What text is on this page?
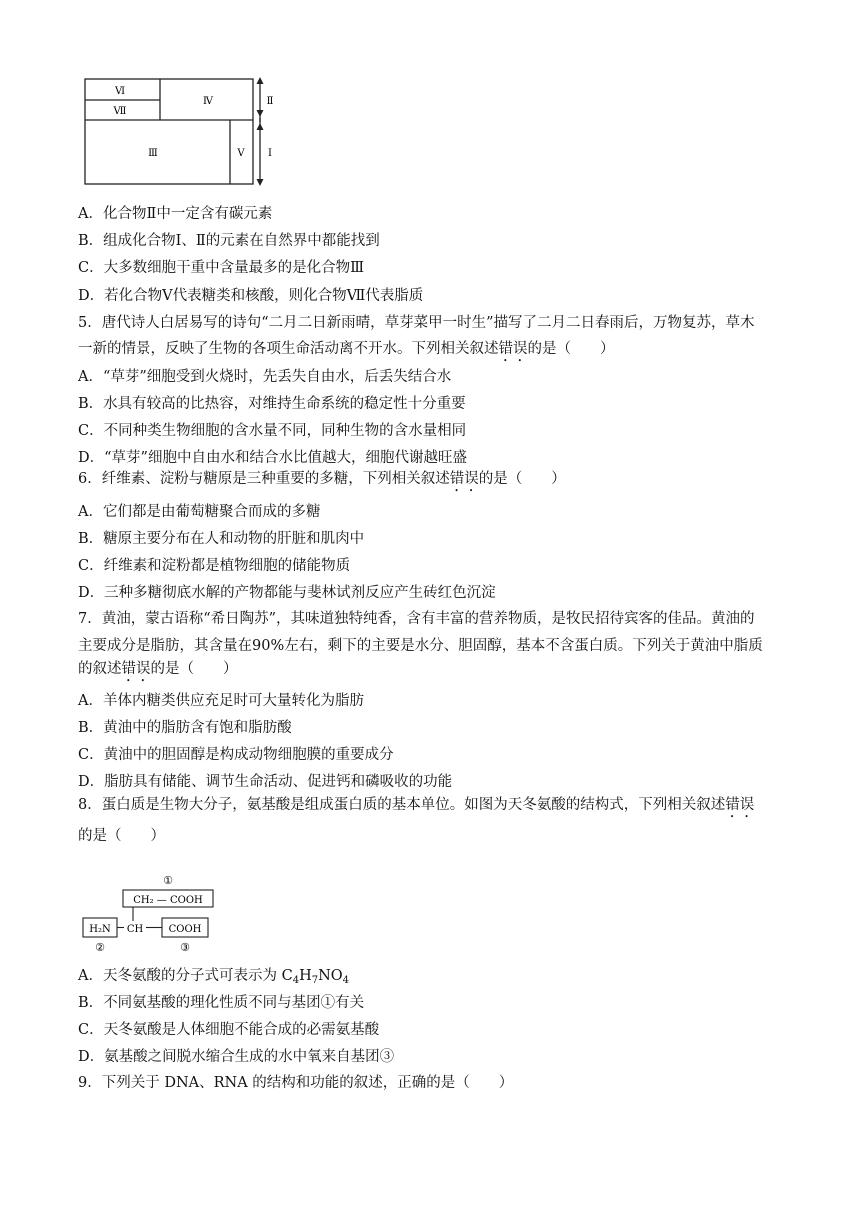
Ⅵ
Ⅶ
Ⅳ
Ⅲ	Ⅴ
Ⅱ
Ⅰ
A．化合物Ⅱ中一定含有碳元素
B．组成化合物Ⅰ、Ⅱ的元素在自然界中都能找到
C．大多数细胞干重中含量最多的是化合物Ⅲ
D．若化合物Ⅴ代表糖类和核酸，则化合物Ⅶ代表脂质
5．唐代诗人白居易写的诗句“二月二日新雨晴，草芽菜甲一时生”描写了二月二日春雨后，万物复苏，草木
一新的情景，反映了生物的各项生命活动离不开水。下列相关叙述错误的是（　　）
A．“草芽”细胞受到火烧时，先丢失自由水，后丢失结合水
B．水具有较高的比热容，对维持生命系统的稳定性十分重要
C．不同种类生物细胞的含水量不同，同种生物的含水量相同
D．“草芽”细胞中自由水和结合水比值越大，细胞代谢越旺盛
6．纤维素、淀粉与糖原是三种重要的多糖，下列相关叙述错误的是（　　）
A．它们都是由葡萄糖聚合而成的多糖
B．糖原主要分布在人和动物的肝脏和肌肉中
C．纤维素和淀粉都是植物细胞的储能物质
D．三种多糖彻底水解的产物都能与斐林试剂反应产生砖红色沉淀
7．黄油，蒙古语称“希日陶苏”，其味道独特纯香，含有丰富的营养物质，是牧民招待宾客的佳品。黄油的
主要成分是脂肪，其含量在90%左右，剩下的主要是水分、胆固醇，基本不含蛋白质。下列关于黄油中脂质
的叙述错误的是（　　）
A．羊体内糖类供应充足时可大量转化为脂肪
B．黄油中的脂肪含有饱和脂肪酸
C．黄油中的胆固醇是构成动物细胞膜的重要成分
D．脂肪具有储能、调节生命活动、促进钙和磷吸收的功能
8．蛋白质是生物大分子，氨基酸是组成蛋白质的基本单位。如图为天冬氨酸的结构式，下列相关叙述错误
的是（　　）
①
CH₂ — COOH
H₂N CH	COOH
②	③
A．天冬氨酸的分子式可表示为 $C_4H_7NO_4$
B．不同氨基酸的理化性质不同与基团①有关
C．天冬氨酸是人体细胞不能合成的必需氨基酸
D．氨基酸之间脱水缩合生成的水中氧来自基团③
9．下列关于 DNA、RNA 的结构和功能的叙述，正确的是（　　）
